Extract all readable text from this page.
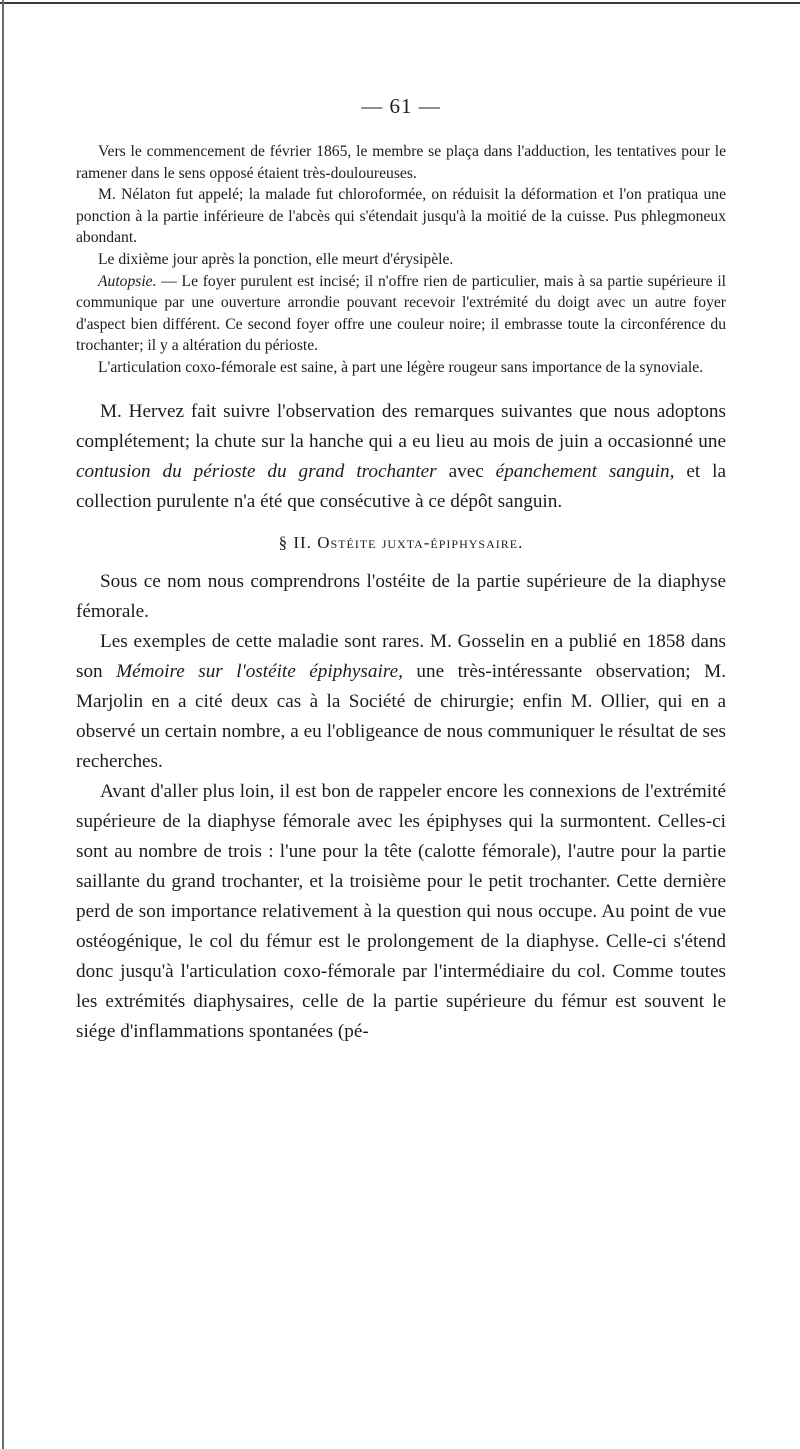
— 61 —

Vers le commencement de février 1865, le membre se plaça dans l'adduction, les tentatives pour le ramener dans le sens opposé étaient très-douloureuses.

M. Nélaton fut appelé; la malade fut chloroformée, on réduisit la déformation et l'on pratiqua une ponction à la partie inférieure de l'abcès qui s'étendait jusqu'à la moitié de la cuisse. Pus phlegmoneux abondant.

Le dixième jour après la ponction, elle meurt d'érysipèle.

Autopsie. — Le foyer purulent est incisé; il n'offre rien de particulier, mais à sa partie supérieure il communique par une ouverture arrondie pouvant recevoir l'extrémité du doigt avec un autre foyer d'aspect bien différent. Ce second foyer offre une couleur noire; il embrasse toute la circonférence du trochanter; il y a altération du périoste.

L'articulation coxo-fémorale est saine, à part une légère rougeur sans importance de la synoviale.

M. Hervez fait suivre l'observation des remarques suivantes que nous adoptons complétement; la chute sur la hanche qui a eu lieu au mois de juin a occasionné une contusion du périoste du grand trochanter avec épanchement sanguin, et la collection purulente n'a été que consécutive à ce dépôt sanguin.

§ II. Ostéite juxta-épiphysaire.

Sous ce nom nous comprendrons l'ostéite de la partie supérieure de la diaphyse fémorale.

Les exemples de cette maladie sont rares. M. Gosselin en a publié en 1858 dans son Mémoire sur l'ostéite épiphysaire, une très-intéressante observation; M. Marjolin en a cité deux cas à la Société de chirurgie; enfin M. Ollier, qui en a observé un certain nombre, a eu l'obligeance de nous communiquer le résultat de ses recherches.

Avant d'aller plus loin, il est bon de rappeler encore les connexions de l'extrémité supérieure de la diaphyse fémorale avec les épiphyses qui la surmontent. Celles-ci sont au nombre de trois : l'une pour la tête (calotte fémorale), l'autre pour la partie saillante du grand trochanter, et la troisième pour le petit trochanter. Cette dernière perd de son importance relativement à la question qui nous occupe. Au point de vue ostéogénique, le col du fémur est le prolongement de la diaphyse. Celle-ci s'étend donc jusqu'à l'articulation coxo-fémorale par l'intermédiaire du col. Comme toutes les extrémités diaphysaires, celle de la partie supérieure du fémur est souvent le siége d'inflammations spontanées (pé-
